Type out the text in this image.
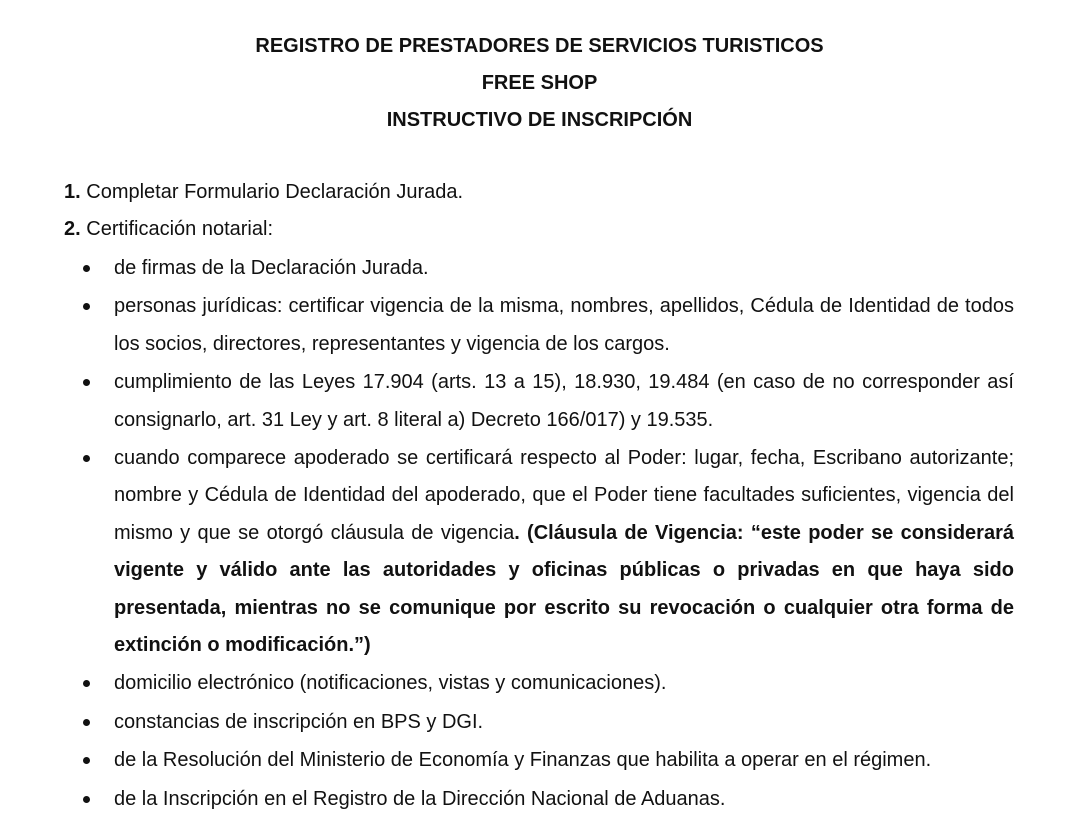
REGISTRO DE PRESTADORES DE SERVICIOS TURISTICOS
FREE SHOP
INSTRUCTIVO DE INSCRIPCIÓN
1. Completar Formulario Declaración Jurada.
2. Certificación notarial:
de firmas de la Declaración Jurada.
personas jurídicas: certificar vigencia de la misma, nombres, apellidos, Cédula de Identidad de todos los socios, directores, representantes y vigencia de los cargos.
cumplimiento de las Leyes 17.904 (arts. 13 a 15), 18.930, 19.484 (en caso de no corresponder así consignarlo, art. 31 Ley y art. 8 literal a) Decreto 166/017) y 19.535.
cuando comparece apoderado se certificará respecto al Poder: lugar, fecha, Escribano autorizante; nombre y Cédula de Identidad del apoderado, que el Poder tiene facultades suficientes, vigencia del mismo y que se otorgó cláusula de vigencia. (Cláusula de Vigencia: “este poder se considerará vigente y válido ante las autoridades y oficinas públicas o privadas en que haya sido presentada, mientras no se comunique por escrito su revocación o cualquier otra forma de extinción o modificación.”)
domicilio electrónico (notificaciones, vistas y comunicaciones).
constancias de inscripción en BPS y DGI.
de la Resolución del Ministerio de Economía y Finanzas que habilita a operar en el régimen.
de la Inscripción en el Registro de la Dirección Nacional de Aduanas.
